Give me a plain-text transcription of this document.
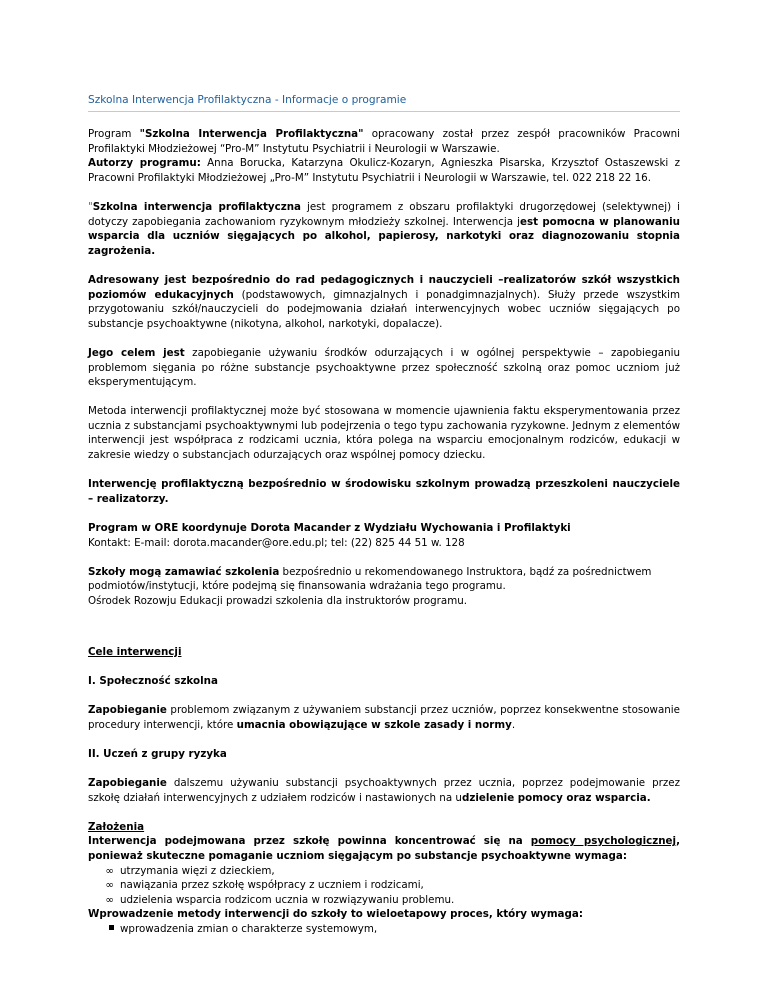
Szkolna Interwencja Profilaktyczna - Informacje o programie

Program "Szkolna Interwencja Profilaktyczna" opracowany został przez zespół pracowników Pracowni Profilaktyki Młodzieżowej “Pro-M” Instytutu Psychiatrii i Neurologii w Warszawie.
Autorzy programu: Anna Borucka, Katarzyna Okulicz-Kozaryn, Agnieszka Pisarska, Krzysztof Ostaszewski z Pracowni Profilaktyki Młodzieżowej „Pro-M” Instytutu Psychiatrii i Neurologii w Warszawie, tel. 022 218 22 16.

"Szkolna interwencja profilaktyczna jest programem z obszaru profilaktyki drugorzędowej (selektywnej) i dotyczy zapobiegania zachowaniom ryzykownym młodzieży szkolnej. Interwencja jest pomocna w planowaniu wsparcia dla uczniów sięgających po alkohol, papierosy, narkotyki oraz diagnozowaniu stopnia zagrożenia.

Adresowany jest bezpośrednio do rad pedagogicznych i nauczycieli –realizatorów szkół wszystkich poziomów edukacyjnych (podstawowych, gimnazjalnych i ponadgimnazjalnych). Służy przede wszystkim przygotowaniu szkół/nauczycieli do podejmowania działań interwencyjnych wobec uczniów sięgających po substancje psychoaktywne (nikotyna, alkohol, narkotyki, dopalacze).

Jego celem jest zapobieganie używaniu środków odurzających i w ogólnej perspektywie – zapobieganiu problemom sięgania po różne substancje psychoaktywne przez społeczność szkolną oraz pomoc uczniom już eksperymentującym.

Metoda interwencji profilaktycznej może być stosowana w momencie ujawnienia faktu eksperymentowania przez ucznia z substancjami psychoaktywnymi lub podejrzenia o tego typu zachowania ryzykowne. Jednym z elementów interwencji jest współpraca z rodzicami ucznia, która polega na wsparciu emocjonalnym rodziców, edukacji w zakresie wiedzy o substancjach odurzających oraz wspólnej pomocy dziecku.

Interwencję profilaktyczną bezpośrednio w środowisku szkolnym prowadzą przeszkoleni nauczyciele – realizatorzy.

Program w ORE koordynuje Dorota Macander z Wydziału Wychowania i Profilaktyki
Kontakt: E-mail: dorota.macander@ore.edu.pl; tel: (22) 825 44 51 w. 128

Szkoły mogą zamawiać szkolenia bezpośrednio u rekomendowanego Instruktora, bądź za pośrednictwem podmiotów/instytucji, które podejmą się finansowania wdrażania tego programu.
Ośrodek Rozowju Edukacji prowadzi szkolenia dla instruktorów programu.

Cele interwencji

I. Społeczność szkolna

Zapobieganie problemom związanym z używaniem substancji przez uczniów, poprzez konsekwentne stosowanie procedury interwencji, które umacnia obowiązujące w szkole zasady i normy.

II. Uczeń z grupy ryzyka

Zapobieganie dalszemu używaniu substancji psychoaktywnych przez ucznia, poprzez podejmowanie przez szkołę działań interwencyjnych z udziałem rodziców i nastawionych na udzielenie pomocy oraz wsparcia.

Założenia

Interwencja podejmowana przez szkołę powinna koncentrować się na pomocy psychologicznej, ponieważ skuteczne pomaganie uczniom sięgającym po substancje psychoaktywne wymaga:

∞ utrzymania więzi z dzieckiem,
∞ nawiązania przez szkołę współpracy z uczniem i rodzicami,
∞ udzielenia wsparcia rodzicom ucznia w rozwiązywaniu problemu.

Wprowadzenie metody interwencji do szkoły to wieloetapowy proces, który wymaga:

wprowadzenia zmian o charakterze systemowym,
